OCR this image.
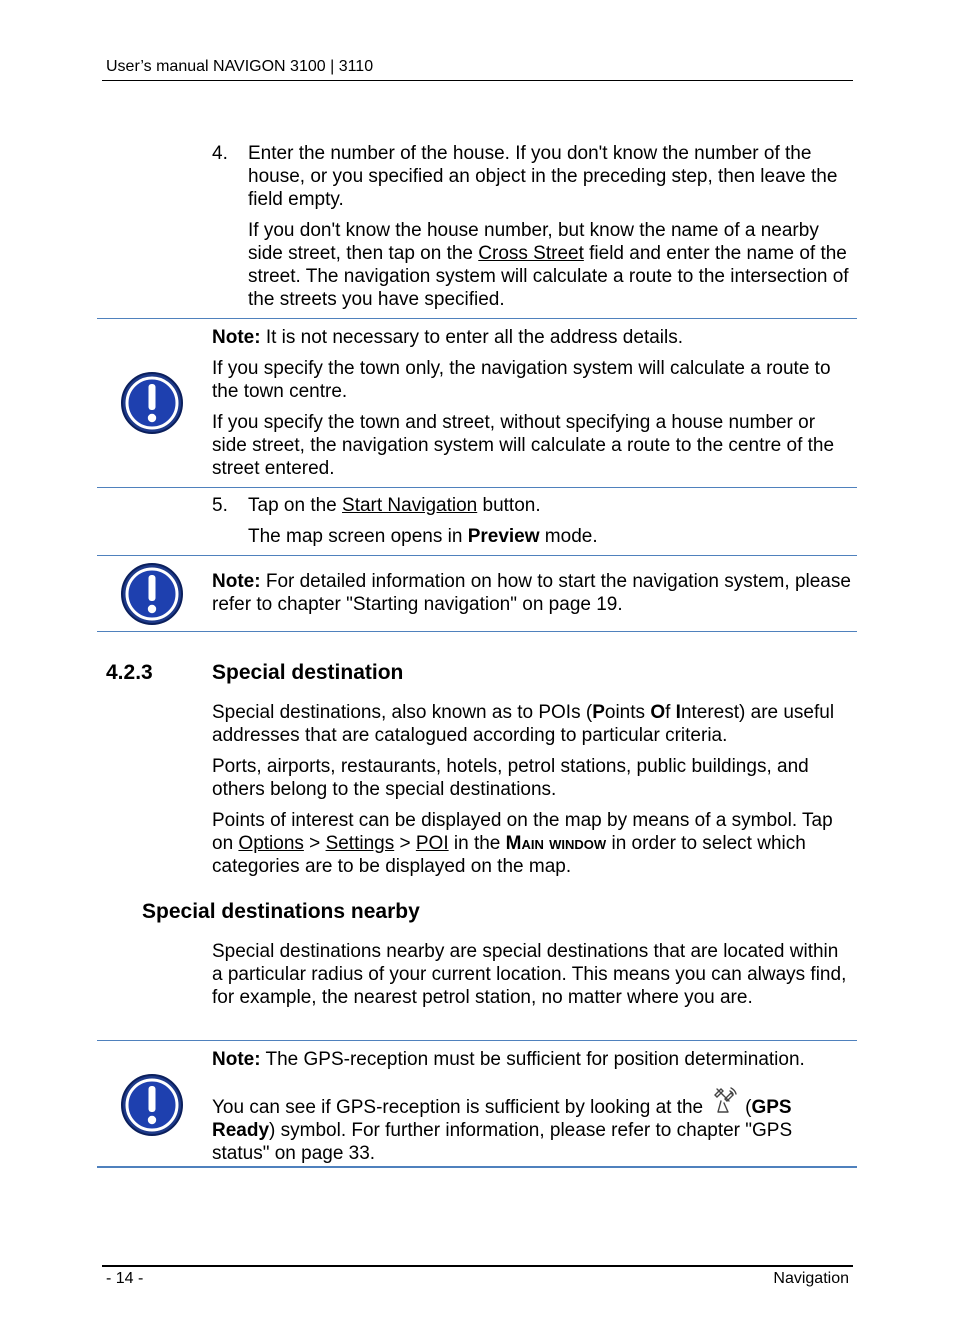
User’s manual NAVIGON 3100 | 3110
4. Enter the number of the house. If you don't know the number of the house, or you specified an object in the preceding step, then leave the field empty.

If you don't know the house number, but know the name of a nearby side street, then tap on the Cross Street field and enter the name of the street. The navigation system will calculate a route to the intersection of the streets you have specified.

Note: It is not necessary to enter all the address details.

If you specify the town only, the navigation system will calculate a route to the town centre.

If you specify the town and street, without specifying a house number or side street, the navigation system will calculate a route to the centre of the street entered.

5. Tap on the Start Navigation button.

The map screen opens in Preview mode.

Note: For detailed information on how to start the navigation system, please refer to chapter "Starting navigation" on page 19.

4.2.3	Special destination

Special destinations, also known as to POIs (Points Of Interest) are useful addresses that are catalogued according to particular criteria.

Ports, airports, restaurants, hotels, petrol stations, public buildings, and others belong to the special destinations.

Points of interest can be displayed on the map by means of a symbol. Tap on Options > Settings > POI in the Main window in order to select which categories are to be displayed on the map.

Special destinations nearby
Special destinations nearby are special destinations that are located within a particular radius of your current location. This means you can always find, for example, the nearest petrol station, no matter where you are.

Note: The GPS-reception must be sufficient for position determination.

You can see if GPS-reception is sufficient by looking at the (GPS Ready) symbol. For further information, please refer to chapter "GPS status" on page 33.

- 14 -	Navigation
